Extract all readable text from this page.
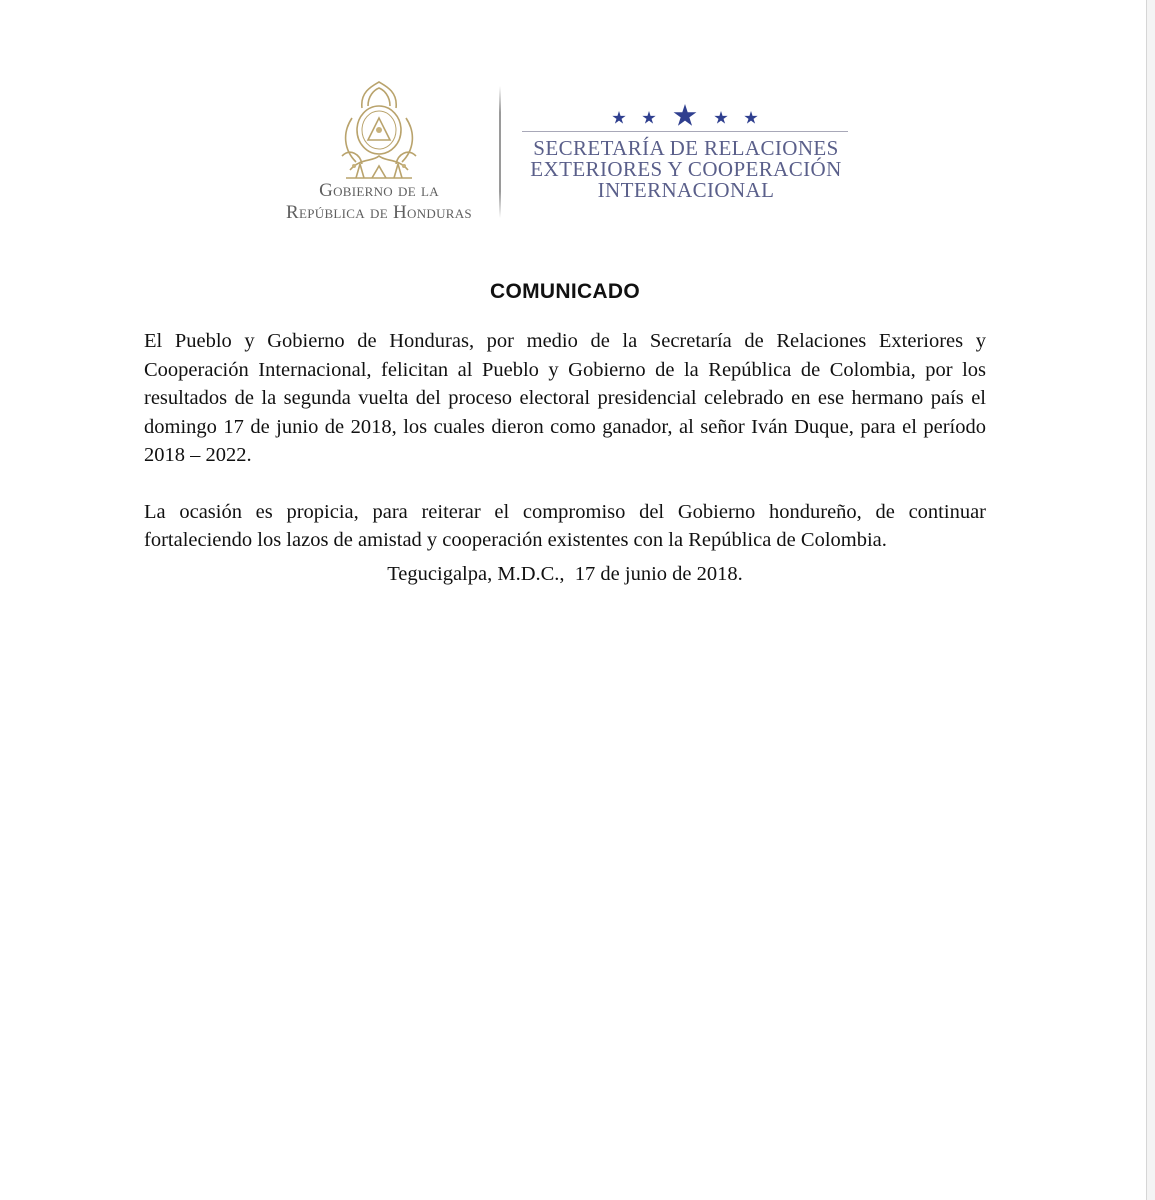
Gobierno de la
República de Honduras
SECRETARÍA DE RELACIONES
EXTERIORES Y COOPERACIÓN
INTERNACIONAL
COMUNICADO

El Pueblo y Gobierno de Honduras, por medio de la Secretaría de Relaciones Exteriores y Cooperación Internacional, felicitan al Pueblo y Gobierno de la República de Colombia, por los resultados de la segunda vuelta del proceso electoral presidencial celebrado en ese hermano país el domingo 17 de junio de 2018, los cuales dieron como ganador, al señor Iván Duque, para el período 2018 – 2022.

La ocasión es propicia, para reiterar el compromiso del Gobierno hondureño, de continuar fortaleciendo los lazos de amistad y cooperación existentes con la República de Colombia.

Tegucigalpa, M.D.C.,  17 de junio de 2018.
